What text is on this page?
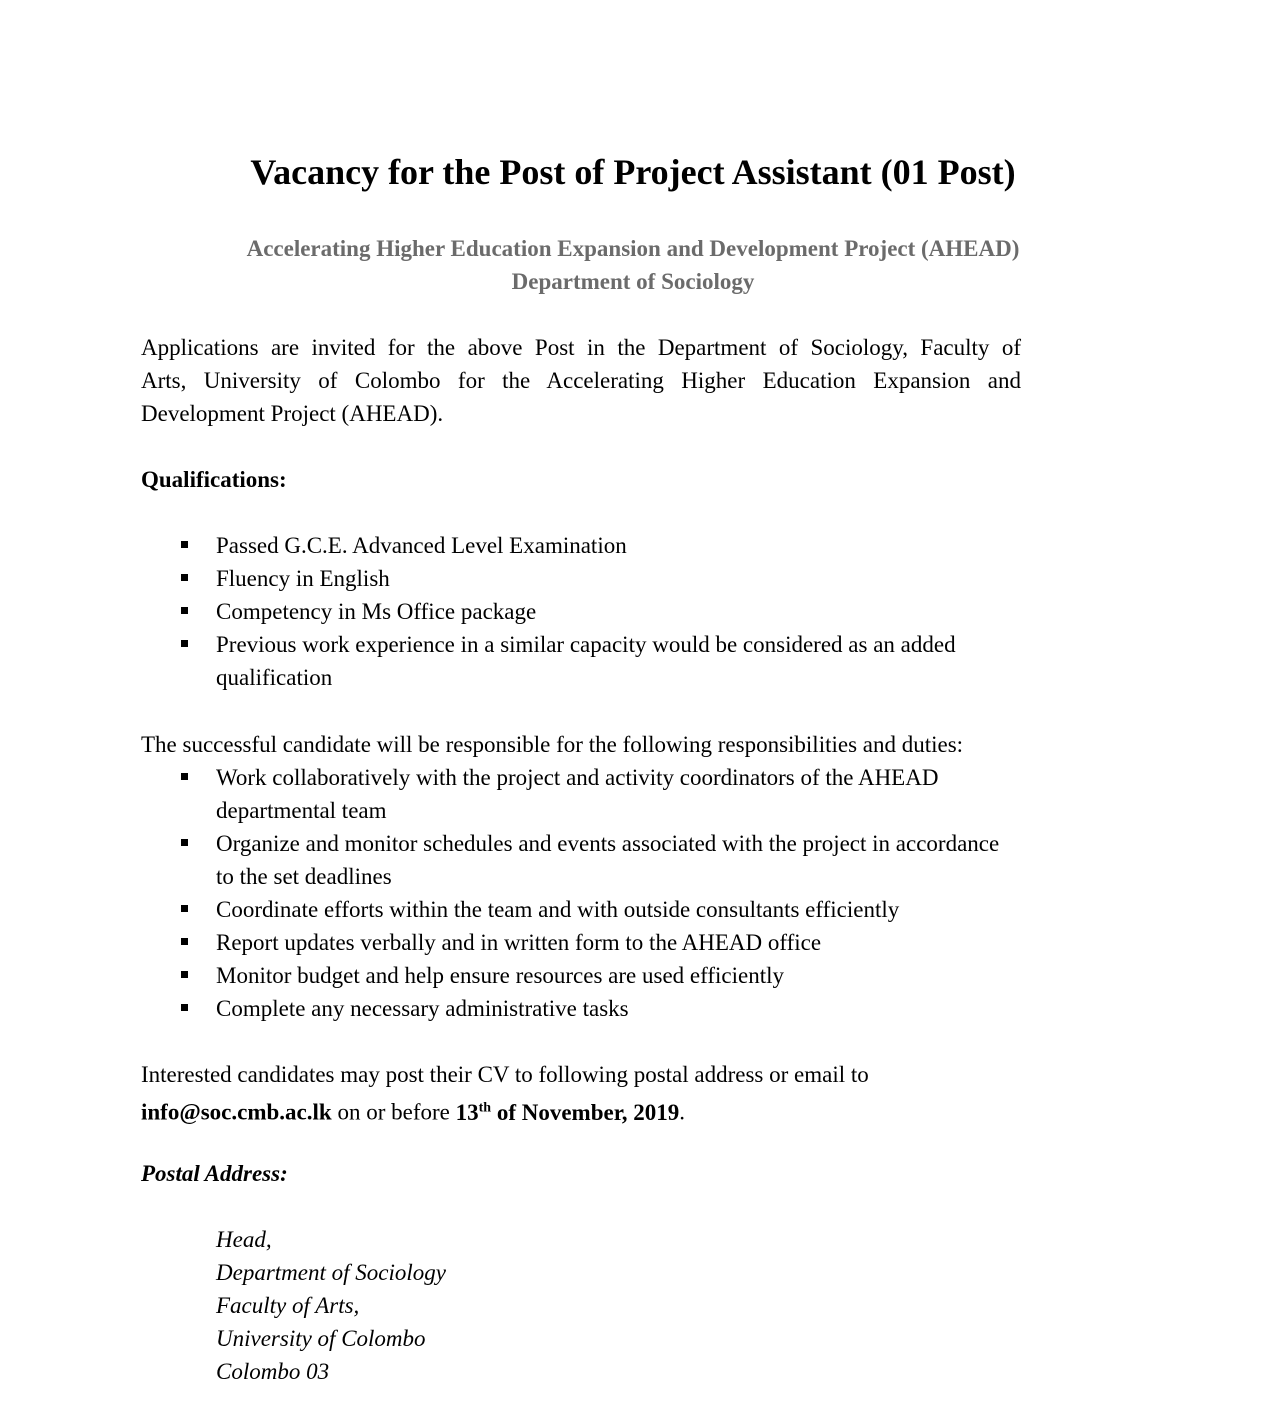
Vacancy for the Post of Project Assistant (01 Post)
Accelerating Higher Education Expansion and Development Project (AHEAD)
Department of Sociology
Applications are invited for the above Post in the Department of Sociology, Faculty of
Arts, University of Colombo for the Accelerating Higher Education Expansion and
Development Project (AHEAD).

Qualifications:

Passed G.C.E. Advanced Level Examination
Fluency in English
Competency in Ms Office package
Previous work experience in a similar capacity would be considered as an added
qualification

The successful candidate will be responsible for the following responsibilities and duties:

Work collaboratively with the project and activity coordinators of the AHEAD
departmental team
Organize and monitor schedules and events associated with the project in accordance
to the set deadlines
Coordinate efforts within the team and with outside consultants efficiently
Report updates verbally and in written form to the AHEAD office
Monitor budget and help ensure resources are used efficiently
Complete any necessary administrative tasks

Interested candidates may post their CV to following postal address or email to
info@soc.cmb.ac.lk on or before 13th of November, 2019.

Postal Address:

Head,
Department of Sociology
Faculty of Arts,
University of Colombo
Colombo 03
